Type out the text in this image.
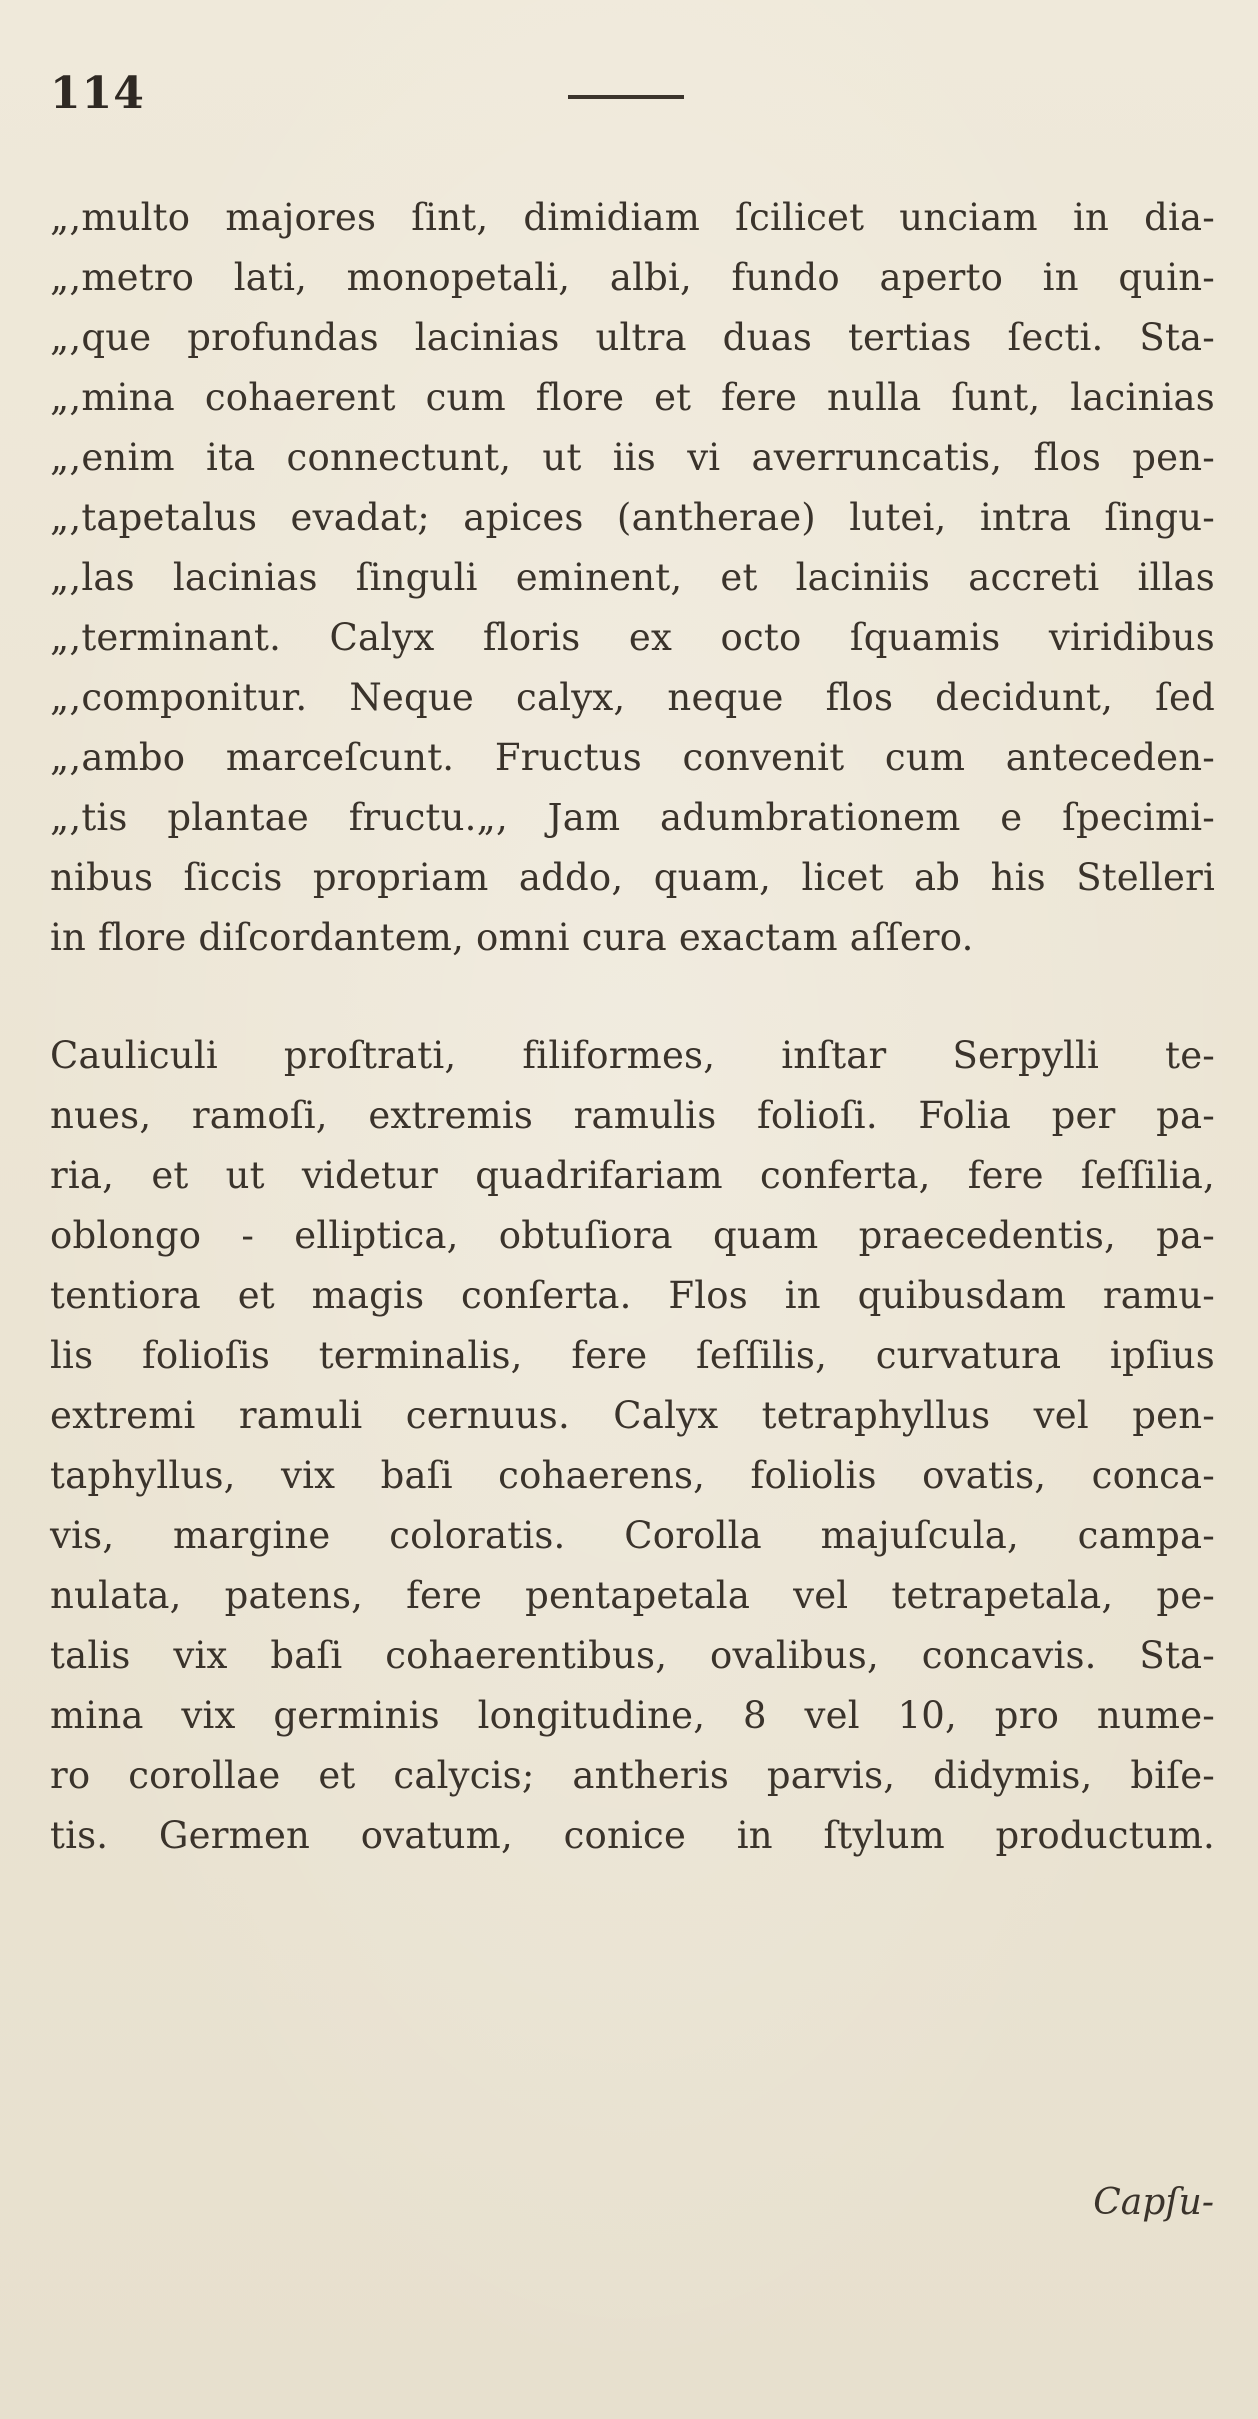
114
„,multo majores ſint, dimidiam ſcilicet unciam in dia-
„,metro lati, monopetali, albi, fundo aperto in quin-
„,que profundas lacinias ultra duas tertias ſecti. Sta-
„,mina cohaerent cum flore et fere nulla ſunt, lacinias
„,enim ita connectunt, ut iis vi averruncatis, flos pen-
„,tapetalus evadat; apices (antherae) lutei, intra ſingu-
„,las lacinias ſinguli eminent, et laciniis accreti illas
„,terminant. Calyx floris ex octo ſquamis viridibus
„,componitur. Neque calyx, neque flos decidunt, ſed
„,ambo marceſcunt. Fructus convenit cum anteceden-
„,tis plantae fructu.„, Jam adumbrationem e ſpecimi-
nibus ſiccis propriam addo, quam, licet ab his Stelleri
in flore diſcordantem, omni cura exactam aſſero.
Cauliculi proſtrati, filiformes, inſtar Serpylli te-
nues, ramoſi, extremis ramulis folioſi. Folia per pa-
ria, et ut videtur quadrifariam conferta, fere ſeſſilia,
oblongo - elliptica, obtuſiora quam praecedentis, pa-
tentiora et magis conſerta. Flos in quibusdam ramu-
lis folioſis terminalis, fere ſeſſilis, curvatura ipſius
extremi ramuli cernuus. Calyx tetraphyllus vel pen-
taphyllus, vix baſi cohaerens, foliolis ovatis, conca-
vis, margine coloratis. Corolla majuſcula, campa-
nulata, patens, fere pentapetala vel tetrapetala, pe-
talis vix baſi cohaerentibus, ovalibus, concavis. Sta-
mina vix germinis longitudine, 8 vel 10, pro nume-
ro corollae et calycis; antheris parvis, didymis, biſe-
tis. Germen ovatum, conice in ſtylum productum.
Capſu-
